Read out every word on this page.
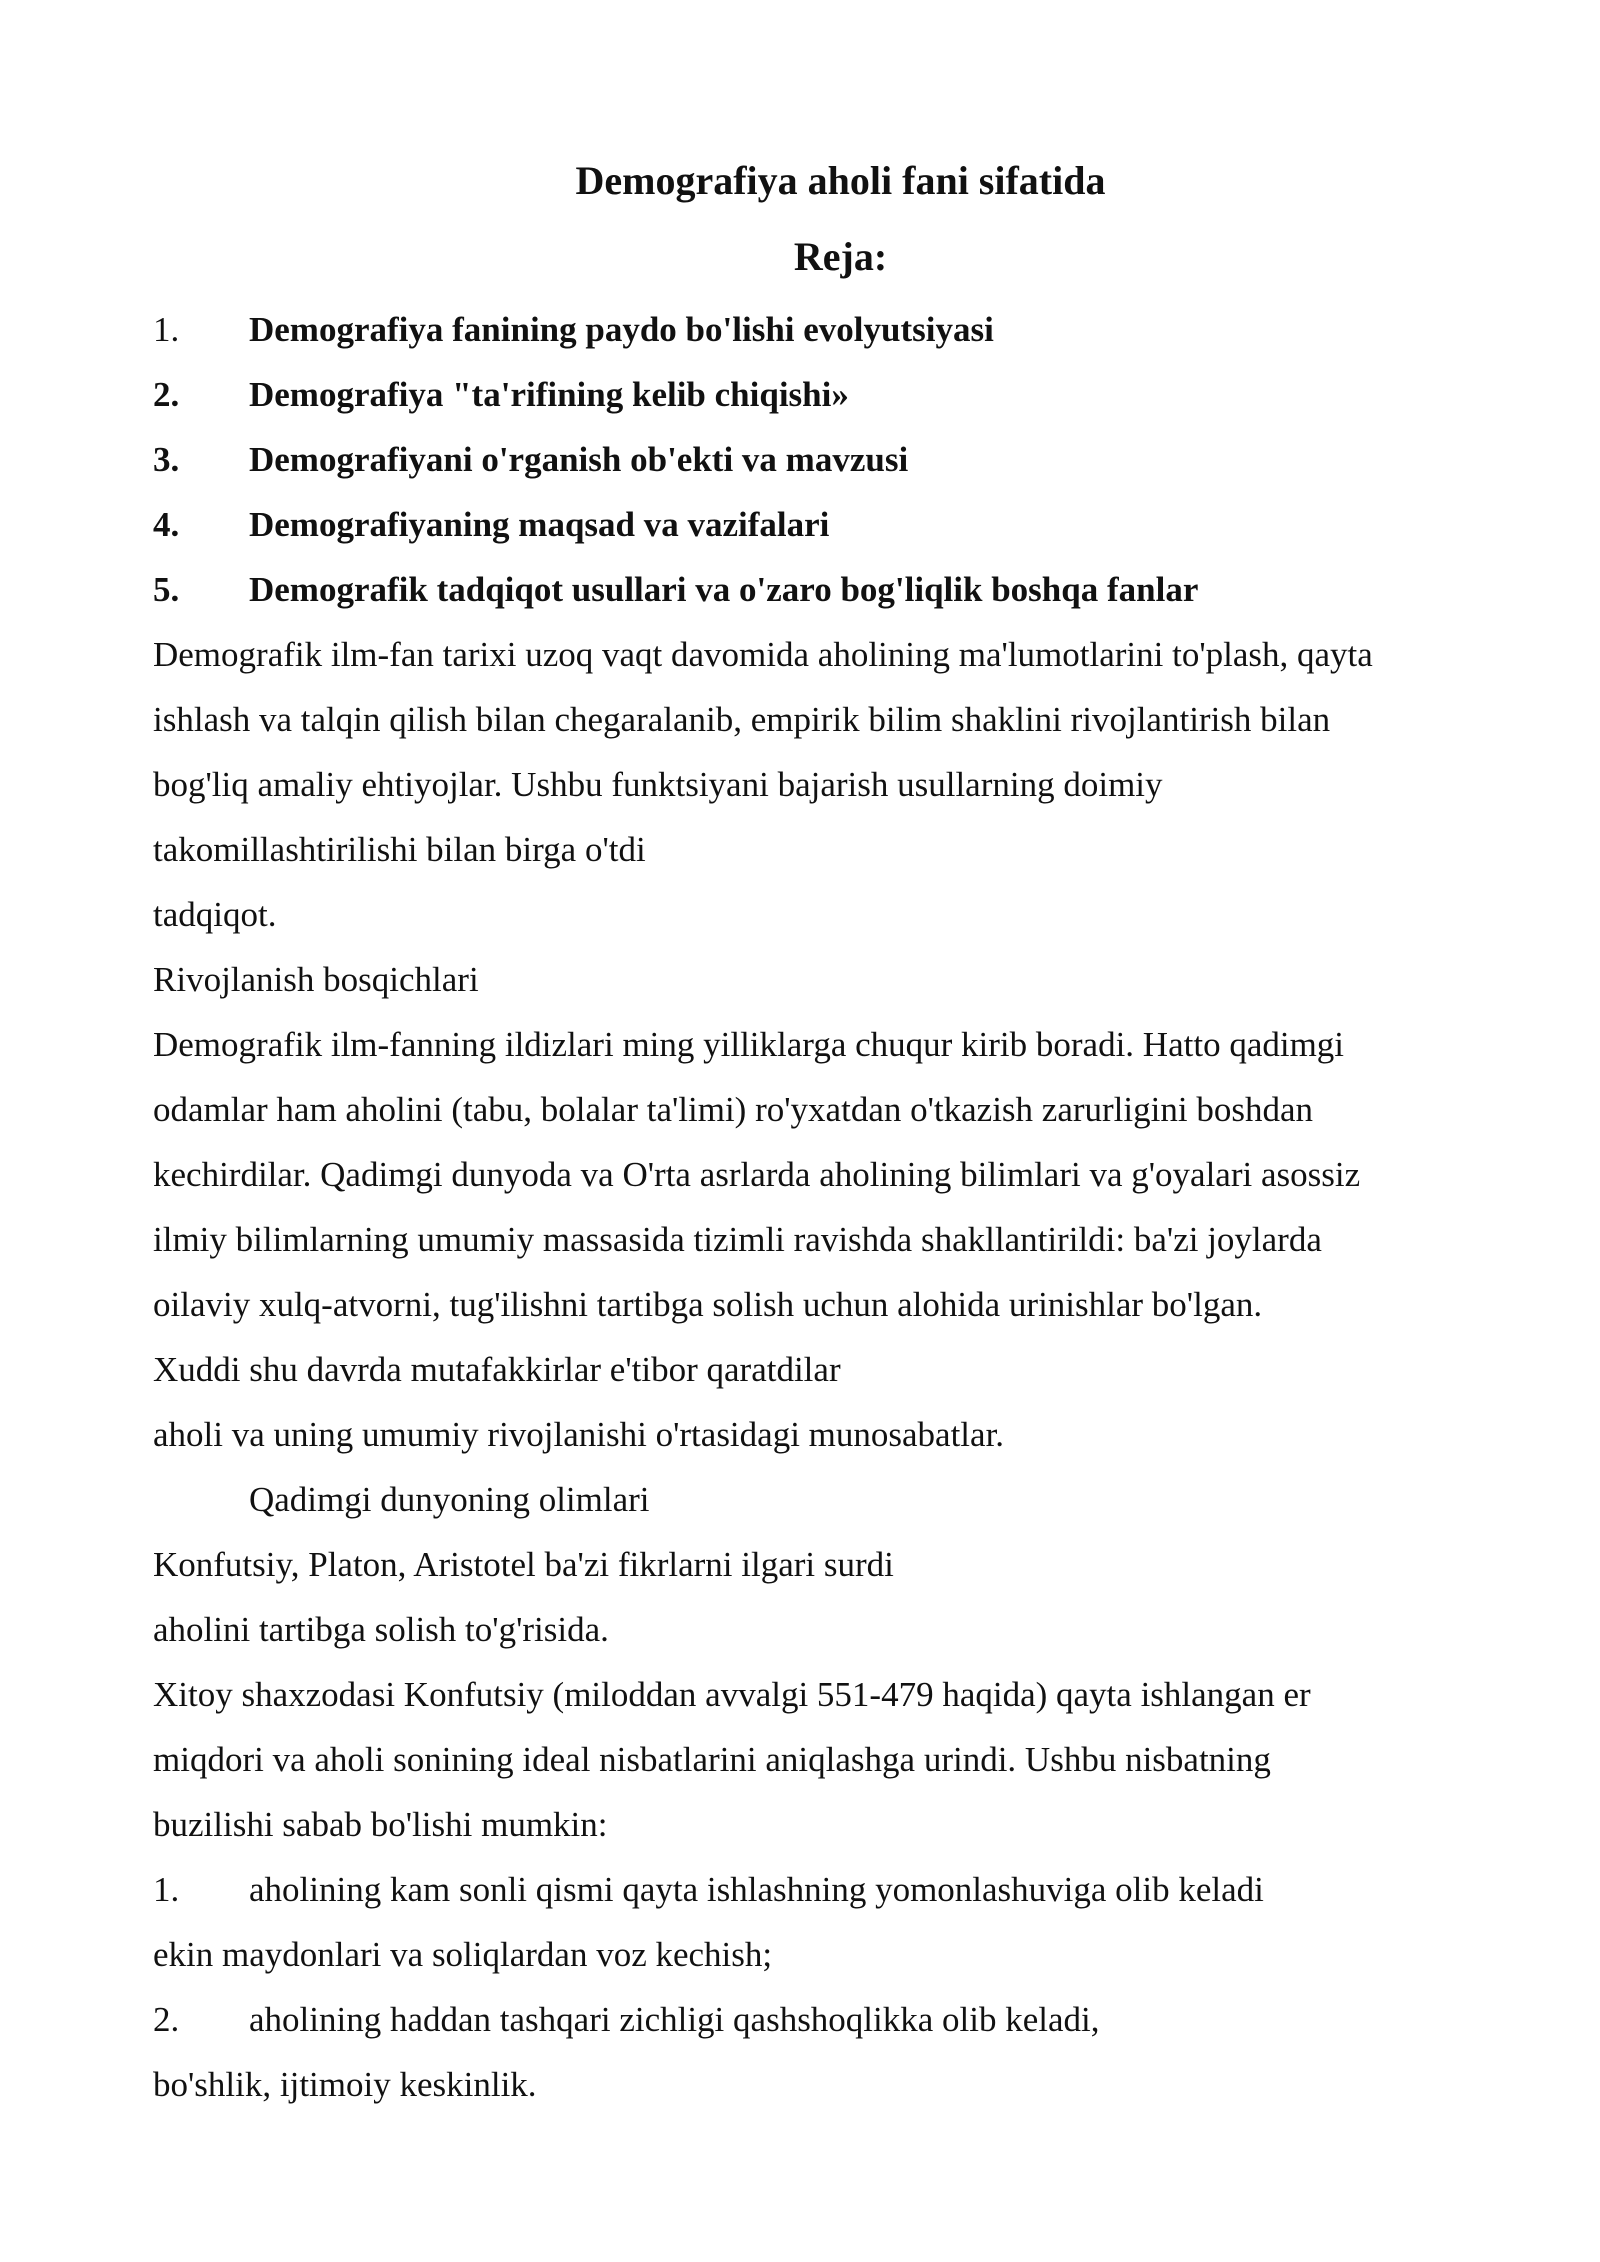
Demografiya aholi fani sifatida
Reja:
1.	Demografiya fanining paydo bo'lishi evolyutsiyasi
2.	Demografiya "ta'rifining kelib chiqishi»
3.	Demografiyani o'rganish ob'ekti va mavzusi
4.	Demografiyaning maqsad va vazifalari
5.	Demografik tadqiqot usullari va o'zaro bog'liqlik boshqa fanlar

Demografik ilm-fan tarixi uzoq vaqt davomida aholining ma'lumotlarini to'plash, qayta

ishlash va talqin qilish bilan chegaralanib, empirik bilim shaklini rivojlantirish bilan

bog'liq amaliy ehtiyojlar. Ushbu funktsiyani bajarish usullarning doimiy

takomillashtirilishi bilan birga o'tdi

tadqiqot.

Rivojlanish bosqichlari

Demografik ilm-fanning ildizlari ming yilliklarga chuqur kirib boradi. Hatto qadimgi

odamlar ham aholini (tabu, bolalar ta'limi) ro'yxatdan o'tkazish zarurligini boshdan

kechirdilar. Qadimgi dunyoda va O'rta asrlarda aholining bilimlari va g'oyalari asossiz

ilmiy bilimlarning umumiy massasida tizimli ravishda shakllantirildi: ba'zi joylarda

oilaviy xulq-atvorni, tug'ilishni tartibga solish uchun alohida urinishlar bo'lgan.

Xuddi shu davrda mutafakkirlar e'tibor qaratdilar

aholi va uning umumiy rivojlanishi o'rtasidagi munosabatlar.

Qadimgi dunyoning olimlari

Konfutsiy, Platon, Aristotel ba'zi fikrlarni ilgari surdi

aholini tartibga solish to'g'risida.

Xitoy shaxzodasi Konfutsiy (miloddan avvalgi 551-479 haqida) qayta ishlangan er

miqdori va aholi sonining ideal nisbatlarini aniqlashga urindi. Ushbu nisbatning

buzilishi sabab bo'lishi mumkin:

1.	aholining kam sonli qismi qayta ishlashning yomonlashuviga olib keladi

ekin maydonlari va soliqlardan voz kechish;

2.	aholining haddan tashqari zichligi qashshoqlikka olib keladi,

bo'shlik, ijtimoiy keskinlik.
